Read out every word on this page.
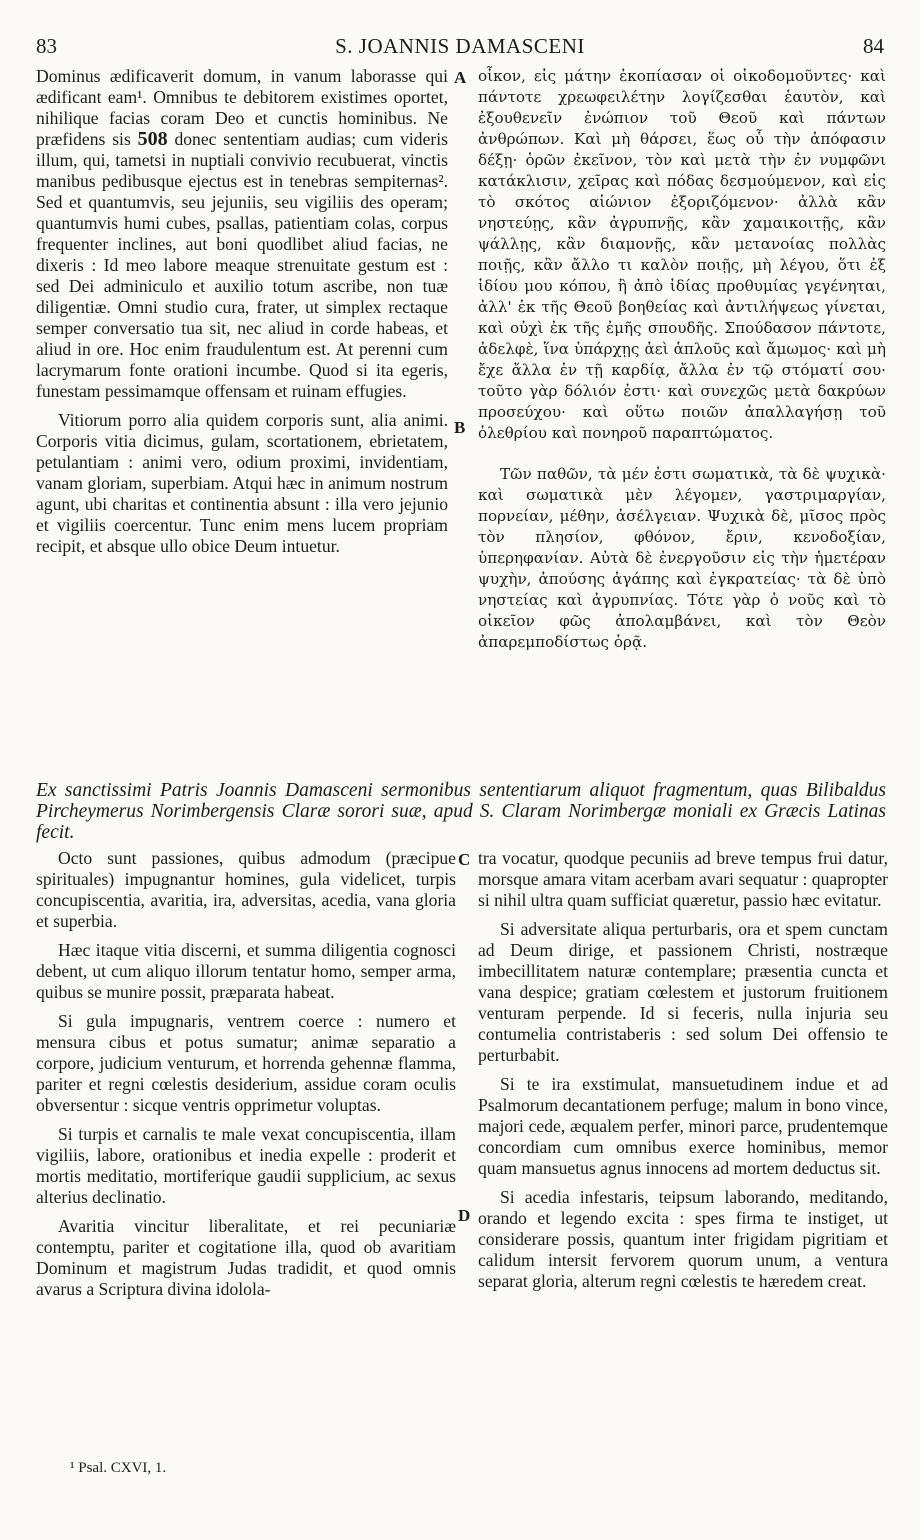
83	S. JOANNIS DAMASCENI	84

Dominus ædificaverit domum, in vanum laborasse qui ædificant eam¹. Omnibus te debitorem existimes oportet, nihilique facias coram Deo et cunctis hominibus. Ne præfidens sis 508 donec sententiam audias; cum videris illum, qui, tametsi in nuptiali convivio recubuerat, vinctis manibus pedibusque ejectus est in tenebras sempiternas². Sed et quantumvis, seu jejuniis, seu vigiliis des operam; quantumvis humi cubes, psallas, patientiam colas, corpus frequenter inclines, aut boni quodlibet aliud facias, ne dixeris : Id meo labore meaque strenuitate gestum est : sed Dei adminiculo et auxilio totum ascribe, non tuæ diligentiæ. Omni studio cura, frater, ut simplex rectaque semper conversatio tua sit, nec aliud in corde habeas, et aliud in ore. Hoc enim fraudulentum est. At perenni cum lacrymarum fonte orationi incumbe. Quod si ita egeris, funestam pessimamque offensam et ruinam effugies.

Vitiorum porro alia quidem corporis sunt, alia animi. Corporis vitia dicimus, gulam, scortationem, ebrietatem, petulantiam : animi vero, odium proximi, invidentiam, vanam gloriam, superbiam. Atqui hæc in animum nostrum agunt, ubi charitas et continentia absunt : illa vero jejunio et vigiliis coercentur. Tunc enim mens lucem propriam recipit, et absque ullo obice Deum intuetur.

A
B

οἶκον, εἰς μάτην ἐκοπίασαν οἱ οἰκοδομοῦντες· καὶ πάντοτε χρεωφειλέτην λογίζεσθαι ἑαυτὸν, καὶ ἐξουθενεῖν ἐνώπιον τοῦ Θεοῦ καὶ πάντων ἀνθρώπων. Καὶ μὴ θάρσει, ἕως οὗ τὴν ἀπόφασιν δέξῃ· ὁρῶν ἐκεῖνον, τὸν καὶ μετὰ τὴν ἐν νυμφῶνι κατάκλισιν, χεῖρας καὶ πόδας δεσμούμενον, καὶ εἰς τὸ σκότος αἰώνιον ἐξοριζόμενον· ἀλλὰ κἂν νηστεύῃς, κἂν ἀγρυπνῇς, κἂν χαμαικοιτῇς, κἂν ψάλλῃς, κἂν διαμονῇς, κἂν μετανοίας πολλὰς ποιῇς, κἂν ἄλλο τι καλὸν ποιῇς, μὴ λέγου, ὅτι ἐξ ἰδίου μου κόπου, ἢ ἀπὸ ἰδίας προθυμίας γεγένηται, ἀλλ' ἐκ τῆς Θεοῦ βοηθείας καὶ ἀντιλήψεως γίνεται, καὶ οὐχὶ ἐκ τῆς ἐμῆς σπουδῆς. Σπούδασον πάντοτε, ἀδελφὲ, ἵνα ὑπάρχῃς ἀεὶ ἁπλοῦς καὶ ἄμωμος· καὶ μὴ ἔχε ἄλλα ἐν τῇ καρδίᾳ, ἄλλα ἐν τῷ στόματί σου· τοῦτο γὰρ δόλιόν ἐστι· καὶ συνεχῶς μετὰ δακρύων προσεύχου· καὶ οὕτω ποιῶν ἀπαλλαγήσῃ τοῦ ὀλεθρίου καὶ πονηροῦ παραπτώματος.

Τῶν παθῶν, τὰ μέν ἐστι σωματικὰ, τὰ δὲ ψυχικὰ· καὶ σωματικὰ μὲν λέγομεν, γαστριμαργίαν, πορνείαν, μέθην, ἀσέλγειαν. Ψυχικὰ δὲ, μῖσος πρὸς τὸν πλησίον, φθόνον, ἔριν, κενοδοξίαν, ὑπερηφανίαν. Αὐτὰ δὲ ἐνεργοῦσιν εἰς τὴν ἡμετέραν ψυχὴν, ἀπούσης ἀγάπης καὶ ἐγκρατείας· τὰ δὲ ὑπὸ νηστείας καὶ ἀγρυπνίας. Τότε γὰρ ὁ νοῦς καὶ τὸ οἰκεῖον φῶς ἀπολαμβάνει, καὶ τὸν Θεὸν ἀπαρεμποδίστως ὁρᾷ.

Ex sanctissimi Patris Joannis Damasceni sermonibus sententiarum aliquot fragmentum, quas Bilibaldus Pircheymerus Norimbergensis Claræ sorori suæ, apud S. Claram Norimbergæ moniali ex Græcis Latinas fecit.

Octo sunt passiones, quibus admodum (præcipue spirituales) impugnantur homines, gula videlicet, turpis concupiscentia, avaritia, ira, adversitas, acedia, vana gloria et superbia.

Hæc itaque vitia discerni, et summa diligentia cognosci debent, ut cum aliquo illorum tentatur homo, semper arma, quibus se munire possit, præparata habeat.

Si gula impugnaris, ventrem coerce : numero et mensura cibus et potus sumatur; animæ separatio a corpore, judicium venturum, et horrenda gehennæ flamma, pariter et regni cœlestis desiderium, assidue coram oculis obversentur : sicque ventris opprimetur voluptas.

Si turpis et carnalis te male vexat concupiscentia, illam vigiliis, labore, orationibus et inedia expelle : proderit et mortis meditatio, mortiferique gaudii supplicium, ac sexus alterius declinatio.

Avaritia vincitur liberalitate, et rei pecuniariæ contemptu, pariter et cogitatione illa, quod ob avaritiam Dominum et magistrum Judas tradidit, et quod omnis avarus a Scriptura divina idolola-

C
D

tra vocatur, quodque pecuniis ad breve tempus frui datur, morsque amara vitam acerbam avari sequatur : quapropter si nihil ultra quam sufficiat quæretur, passio hæc evitatur.

Si adversitate aliqua perturbaris, ora et spem cunctam ad Deum dirige, et passionem Christi, nostræque imbecillitatem naturæ contemplare; præsentia cuncta et vana despice; gratiam cœlestem et justorum fruitionem venturam perpende. Id si feceris, nulla injuria seu contumelia contristaberis : sed solum Dei offensio te perturbabit.

Si te ira exstimulat, mansuetudinem indue et ad Psalmorum decantationem perfuge; malum in bono vince, majori cede, æqualem perfer, minori parce, prudentemque concordiam cum omnibus exerce hominibus, memor quam mansuetus agnus innocens ad mortem deductus sit.

Si acedia infestaris, teipsum laborando, meditando, orando et legendo excita : spes firma te instiget, ut considerare possis, quantum inter frigidam pigritiam et calidum intersit fervorem quorum unum, a ventura separat gloria, alterum regni cœlestis te hæredem creat.

¹ Psal. CXVI, 1.
